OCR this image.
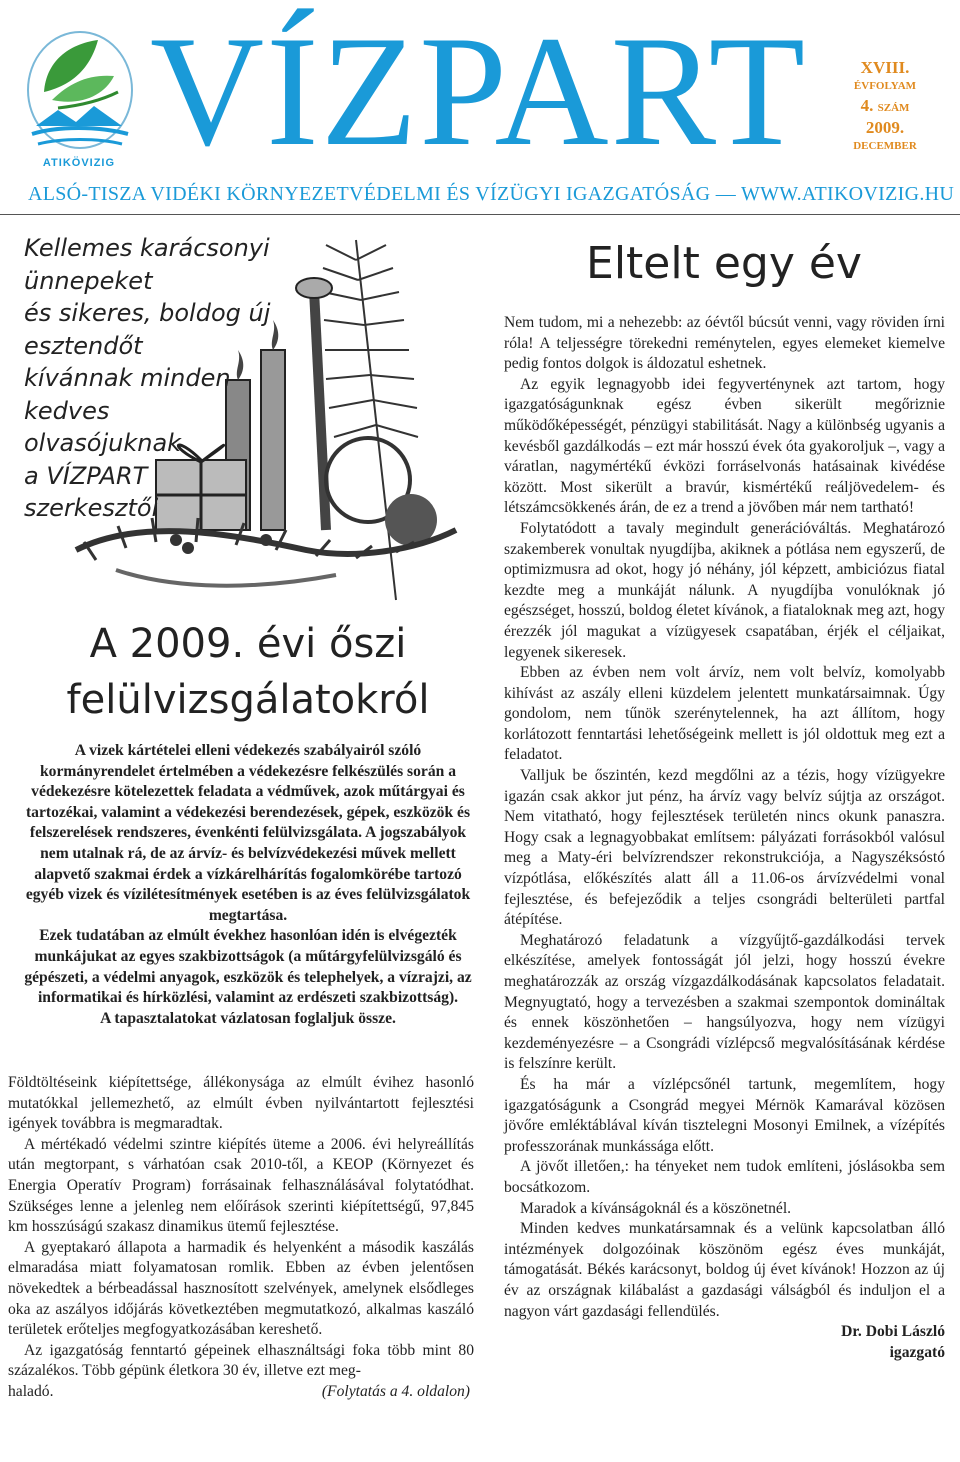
ATIKÖVIZIG VÍZPART	XVIII.
ÉVFOLYAM
4. SZÁM
2009.
DECEMBER
ALSÓ-TISZA VIDÉKI KÖRNYEZETVÉDELMI ÉS VÍZÜGYI IGAZGATÓSÁG — WWW.ATIKOVIZIG.HU
Kellemes karácsonyi ünnepeket
és sikeres, boldog új esztendőt
kívánnak minden kedves
olvasójuknak
a VÍZPART
szerkesztői
A 2009. évi őszi
felülvizsgálatokról

A vizek kártételei elleni védekezés szabályairól szóló kormányrendelet értelmében a védekezésre felkészülés során a védekezésre kötelezettek feladata a védművek, azok műtárgyai és tartozékai, valamint a védekezési berendezések, gépek, eszközök és felszerelések rendszeres, évenkénti felülvizsgálata. A jogszabályok nem utalnak rá, de az árvíz- és belvízvédekezési művek mellett alapvető szakmai érdek a vízkárelhárítás fogalomkörébe tartozó egyéb vizek és vízilétesítmények esetében is az éves felülvizsgálatok megtartása.

Ezek tudatában az elmúlt évekhez hasonlóan idén is elvégezték munkájukat az egyes szakbizottságok (a műtárgyfelülvizsgáló és gépészeti, a védelmi anyagok, eszközök és telephelyek, a vízrajzi, az informatikai és hírközlési, valamint az erdészeti szakbizottság).

A tapasztalatokat vázlatosan foglaljuk össze.

Földtöltéseink kiépítettsége, állékonysága az elmúlt évihez hasonló mutatókkal jellemezhető, az elmúlt évben nyilvántartott fejlesztési igények továbbra is megmaradtak.

A mértékadó védelmi szintre kiépítés üteme a 2006. évi helyreállítás után megtorpant, s várhatóan csak 2010-től, a KEOP (Környezet és Energia Operatív Program) forrásainak felhasználásával folytatódhat. Szükséges lenne a jelenleg nem előírások szerinti kiépítettségű, 97,845 km hosszúságú szakasz dinamikus ütemű fejlesztése.

A gyeptakaró állapota a harmadik és helyenként a második kaszálás elmaradása miatt folyamatosan romlik. Ebben az évben jelentősen növekedtek a bérbeadással hasznosított szelvények, amelynek elsődleges oka az aszályos időjárás következtében megmutatkozó, alkalmas kaszáló területek erőteljes megfogyatkozásában kereshető.

Az igazgatóság fenntartó gépeinek elhasználtsági foka több mint 80 százalékos. Több gépünk életkora 30 év, illetve ezt meg-

haladó.	(Folytatás a 4. oldalon)
Eltelt egy év

Nem tudom, mi a nehezebb: az óévtől búcsút venni, vagy röviden írni róla! A teljességre törekedni reménytelen, egyes elemeket kiemelve pedig fontos dolgok is áldozatul eshetnek.

Az egyik legnagyobb idei fegyverténynek azt tartom, hogy igazgatóságunknak egész évben sikerült megőriznie működőképességét, pénzügyi stabilitását. Nagy a különbség ugyanis a kevésből gazdálkodás – ezt már hosszú évek óta gyakoroljuk –, vagy a váratlan, nagymértékű évközi forráselvonás hatásainak kivédése között. Most sikerült a bravúr, kismértékű reáljövedelem- és létszámcsökkenés árán, de ez a trend a jövőben már nem tartható!

Folytatódott a tavaly megindult generációváltás. Meghatározó szakemberek vonultak nyugdíjba, akiknek a pótlása nem egyszerű, de optimizmusra ad okot, hogy jó néhány, jól képzett, ambiciózus fiatal kezdte meg a munkáját nálunk. A nyugdíjba vonulóknak jó egészséget, hosszú, boldog életet kívánok, a fiataloknak meg azt, hogy érezzék jól magukat a vízügyesek csapatában, érjék el céljaikat, legyenek sikeresek.

Ebben az évben nem volt árvíz, nem volt belvíz, komolyabb kihívást az aszály elleni küzdelem jelentett munkatársaimnak. Úgy gondolom, nem tűnök szerénytelennek, ha azt állítom, hogy korlátozott fenntartási lehetőségeink mellett is jól oldottuk meg ezt a feladatot.

Valljuk be őszintén, kezd megdőlni az a tézis, hogy vízügyekre igazán csak akkor jut pénz, ha árvíz vagy belvíz sújtja az országot. Nem vitatható, hogy fejlesztések területén nincs okunk panaszra. Hogy csak a legnagyobbakat említsem: pályázati forrásokból valósul meg a Maty-éri belvízrendszer rekonstrukciója, a Nagyszéksóstó vízpótlása, előkészítés alatt áll a 11.06-os árvízvédelmi vonal fejlesztése, és befejeződik a teljes csongrádi belterületi partfal átépítése.

Meghatározó feladatunk a vízgyűjtő-gazdálkodási tervek elkészítése, amelyek fontosságát jól jelzi, hogy hosszú évekre meghatározzák az ország vízgazdálkodásának kapcsolatos feladatait. Megnyugtató, hogy a tervezésben a szakmai szempontok domináltak és ennek köszönhetően – hangsúlyozva, hogy nem vízügyi kezdeményezésre – a Csongrádi vízlépcső megvalósításának kérdése is felszínre került.

És ha már a vízlépcsőnél tartunk, megemlítem, hogy igazgatóságunk a Csongrád megyei Mérnök Kamarával közösen jövőre emléktáblával kíván tisztelegni Mosonyi Emilnek, a vízépítés professzorának munkássága előtt.

A jövőt illetően,: ha tényeket nem tudok említeni, jóslásokba sem bocsátkozom.

Maradok a kívánságoknál és a köszönetnél.

Minden kedves munkatársamnak és a velünk kapcsolatban álló intézmények dolgozóinak köszönöm egész éves munkáját, támogatását. Békés karácsonyt, boldog új évet kívánok! Hozzon az új év az országnak kilábalást a gazdasági válságból és induljon el a nagyon várt gazdasági fellendülés.

Dr. Dobi László

igazgató
